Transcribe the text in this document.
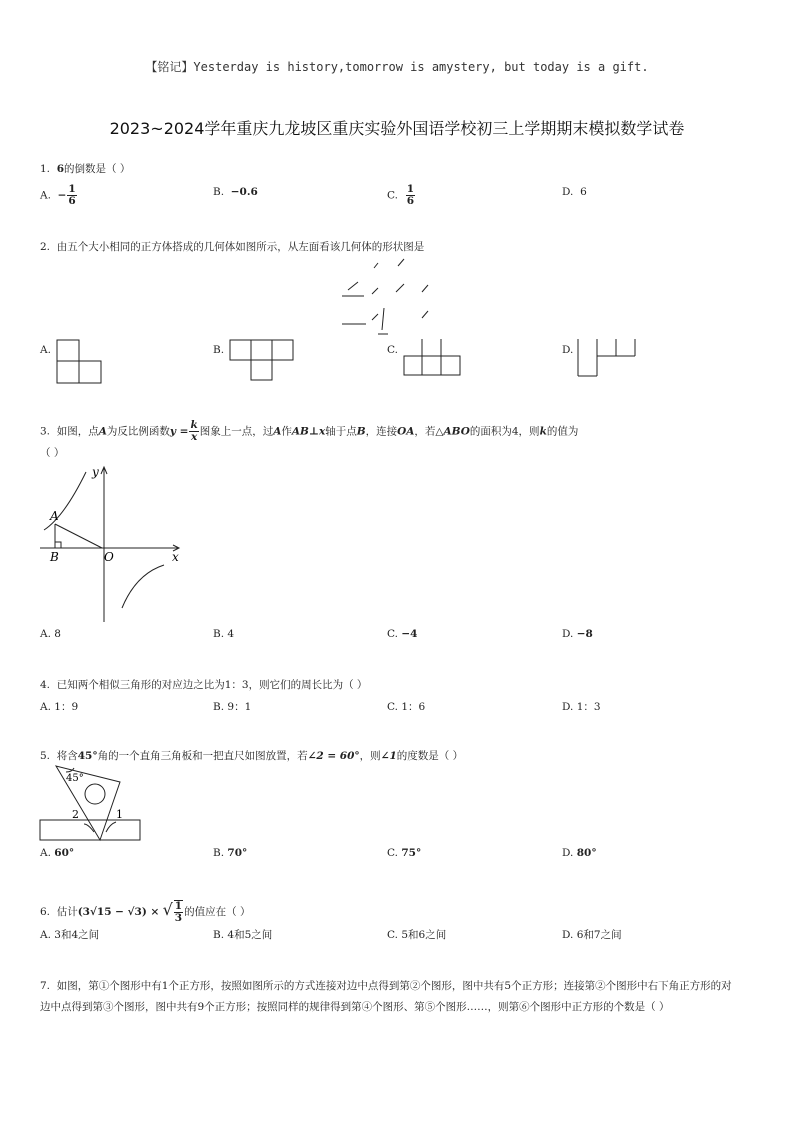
【铭记】Yesterday is history,tomorrow is amystery, but today is a gift.
2023~2024学年重庆九龙坡区重庆实验外国语学校初三上学期期末模拟数学试卷
1. 6的倒数是（ ）
A. − $\frac{1}{6}$	B. −0.6	C. $\frac{1}{6}$	D. 6
2. 由五个大小相同的正方体搭成的几何体如图所示，从左面看该几何体的形状图是
A.	B.	C.	D.
3. 如图，点A为反比例函数$y = \frac{k}{x}$ 图象上一点，过A作AB⊥x轴于点B，连接OA，若△ABO的面积为4，则k的值为
（ ）
y
x
A
B	O
A. 8	B. 4	C. −4	D. −8
4. 已知两个相似三角形的对应边之比为1：3，则它们的周长比为（ ）
A. 1：9	B. 9：1	C. 1：6	D. 1：3
5. 将含45°角的一个直角三角板和一把直尺如图放置，若∠2 = 60°，则∠1的度数是（ ）
45°
1
2
A. 60°	B. 70°	C. 75°	D. 80°
6. 估计(3√15 − √3) × √ $\frac{1}{3}$ 的值应在（ ）
A. 3和4之间	B. 4和5之间	C. 5和6之间	D. 6和7之间
7. 如图，第①个图形中有1个正方形，按照如图所示的方式连接对边中点得到第②个图形，图中共有5个正方形；连接第②个图形中右下角正方形的对边中点得到第③个图形，图中共有9个正方形；按照同样的规律得到第④个图形、第⑤个图形……，则第⑥个图形中正方形的个数是（ ）
